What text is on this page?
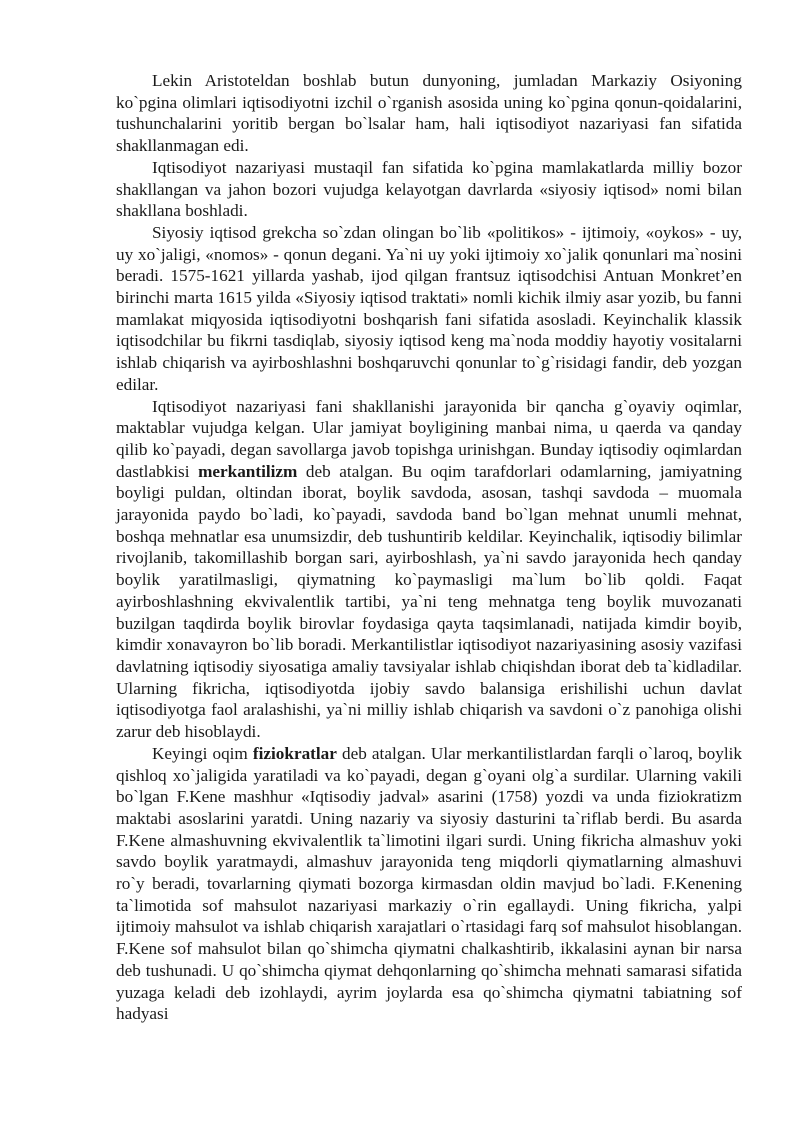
Lekin Aristoteldan boshlab butun dunyoning, jumladan Markaziy Osiyoning ko`pgina olimlari iqtisodiyotni izchil o`rganish asosida uning ko`pgina qonun-qoidalarini, tushunchalarini yoritib bergan bo`lsalar ham, hali iqtisodiyot nazariyasi fan sifatida shakllanmagan edi.

Iqtisodiyot nazariyasi mustaqil fan sifatida ko`pgina mamlakatlarda milliy bozor shakllangan va jahon bozori vujudga kelayotgan davrlarda «siyosiy iqtisod» nomi bilan shakllana boshladi.

Siyosiy iqtisod grekcha so`zdan olingan bo`lib «politikos» - ijtimoiy, «oykos» - uy, uy xo`jaligi, «nomos» - qonun degani. Ya`ni uy yoki ijtimoiy xo`jalik qonunlari ma`nosini beradi. 1575-1621 yillarda yashab, ijod qilgan frantsuz iqtisodchisi Antuan Monkret’en birinchi marta 1615 yilda «Siyosiy iqtisod traktati» nomli kichik ilmiy asar yozib, bu fanni mamlakat miqyosida iqtisodiyotni boshqarish fani sifatida asosladi. Keyinchalik klassik iqtisodchilar bu fikrni tasdiqlab, siyosiy iqtisod keng ma`noda moddiy hayotiy vositalarni ishlab chiqarish va ayirboshlashni boshqaruvchi qonunlar to`g`risidagi fandir, deb yozgan edilar.

Iqtisodiyot nazariyasi fani shakllanishi jarayonida bir qancha g`oyaviy oqimlar, maktablar vujudga kelgan. Ular jamiyat boyligining manbai nima, u qaerda va qanday qilib ko`payadi, degan savollarga javob topishga urinishgan. Bunday iqtisodiy oqimlardan dastlabkisi merkantilizm deb atalgan. Bu oqim tarafdorlari odamlarning, jamiyatning boyligi puldan, oltindan iborat, boylik savdoda, asosan, tashqi savdoda – muomala jarayonida paydo bo`ladi, ko`payadi, savdoda band bo`lgan mehnat unumli mehnat, boshqa mehnatlar esa unumsizdir, deb tushuntirib keldilar. Keyinchalik, iqtisodiy bilimlar rivojlanib, takomillashib borgan sari, ayirboshlash, ya`ni savdo jarayonida hech qanday boylik yaratilmasligi, qiymatning ko`paymasligi ma`lum bo`lib qoldi. Faqat ayirboshlashning ekvivalentlik tartibi, ya`ni teng mehnatga teng boylik muvozanati buzilgan taqdirda boylik birovlar foydasiga qayta taqsimlanadi, natijada kimdir boyib, kimdir xonavayron bo`lib boradi. Merkantilistlar iqtisodiyot nazariyasining asosiy vazifasi davlatning iqtisodiy siyosatiga amaliy tavsiyalar ishlab chiqishdan iborat deb ta`kidladilar. Ularning fikricha, iqtisodiyotda ijobiy savdo balansiga erishilishi uchun davlat iqtisodiyotga faol aralashishi, ya`ni milliy ishlab chiqarish va savdoni o`z panohiga olishi zarur deb hisoblaydi.

Keyingi oqim fiziokratlar deb atalgan. Ular merkantilistlardan farqli o`laroq, boylik qishloq xo`jaligida yaratiladi va ko`payadi, degan g`oyani olg`a surdilar. Ularning vakili bo`lgan F.Kene mashhur «Iqtisodiy jadval» asarini (1758) yozdi va unda fiziokratizm maktabi asoslarini yaratdi. Uning nazariy va siyosiy dasturini ta`riflab berdi. Bu asarda F.Kene almashuvning ekvivalentlik ta`limotini ilgari surdi. Uning fikricha almashuv yoki savdo boylik yaratmaydi, almashuv jarayonida teng miqdorli qiymatlarning almashuvi ro`y beradi, tovarlarning qiymati bozorga kirmasdan oldin mavjud bo`ladi. F.Kenening ta`limotida sof mahsulot nazariyasi markaziy o`rin egallaydi. Uning fikricha, yalpi ijtimoiy mahsulot va ishlab chiqarish xarajatlari o`rtasidagi farq sof mahsulot hisoblangan. F.Kene sof mahsulot bilan qo`shimcha qiymatni chalkashtirib, ikkalasini aynan bir narsa deb tushunadi. U qo`shimcha qiymat dehqonlarning qo`shimcha mehnati samarasi sifatida yuzaga keladi deb izohlaydi, ayrim joylarda esa qo`shimcha qiymatni tabiatning sof hadyasi
